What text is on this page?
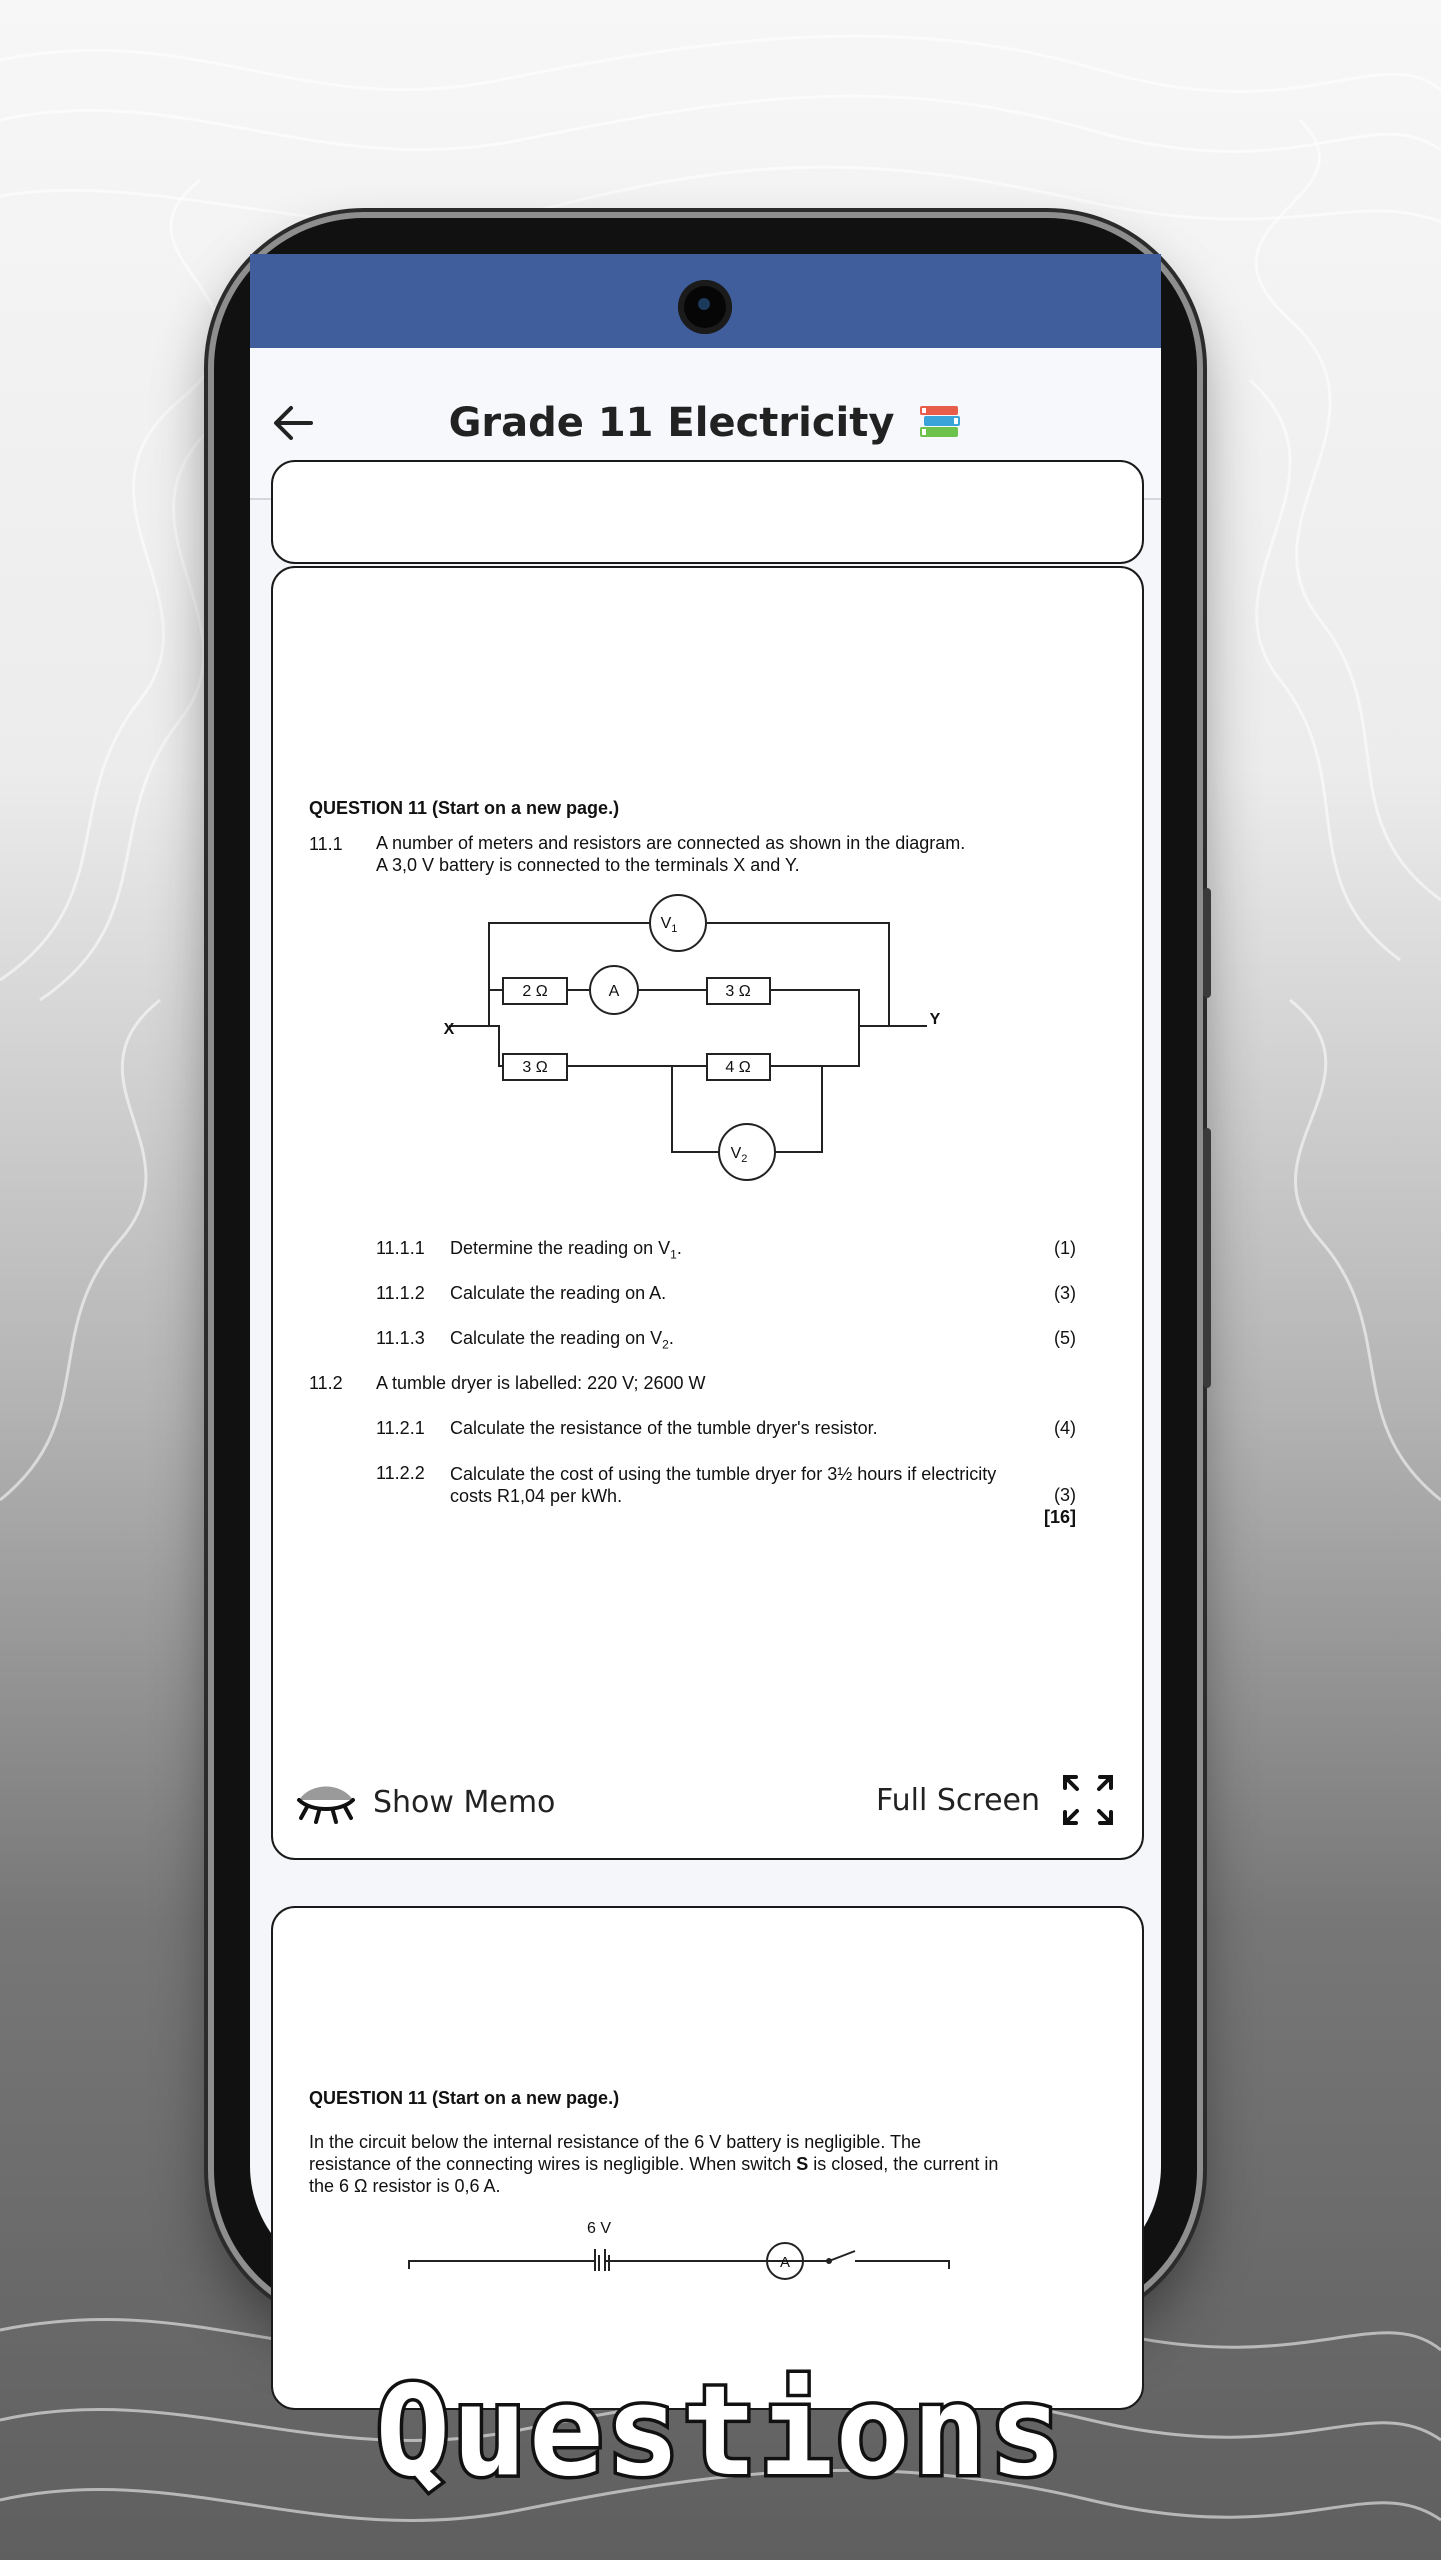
Grade 11 Electricity
QUESTION 11 (Start on a new page.)
11.1 A number of meters and resistors are connected as shown in the diagram.
A 3,0 V battery is connected to the terminals X and Y.
$V_1$
A
$V_2$
2 Ω	3 Ω
3 Ω	4 Ω
X
Y
11.1.1 Determine the reading on $V_1$.	(1)
11.1.2 Calculate the reading on A.	(3)
11.1.3 Calculate the reading on $V_2$.	(5)
11.2 A tumble dryer is labelled: 220 V; 2600 W
11.2.1 Calculate the resistance of the tumble dryer's resistor.	(4)
11.2.2 Calculate the cost of using the tumble dryer for 3½ hours if electricity
costs R1,04 per kWh.	(3)
[16]
Show Memo	Full Screen
QUESTION 11 (Start on a new page.)
In the circuit below the internal resistance of the 6 V battery is negligible. The
resistance of the connecting wires is negligible. When switch S is closed, the current in
the 6 Ω resistor is 0,6 A.
6 V
A
Questions
